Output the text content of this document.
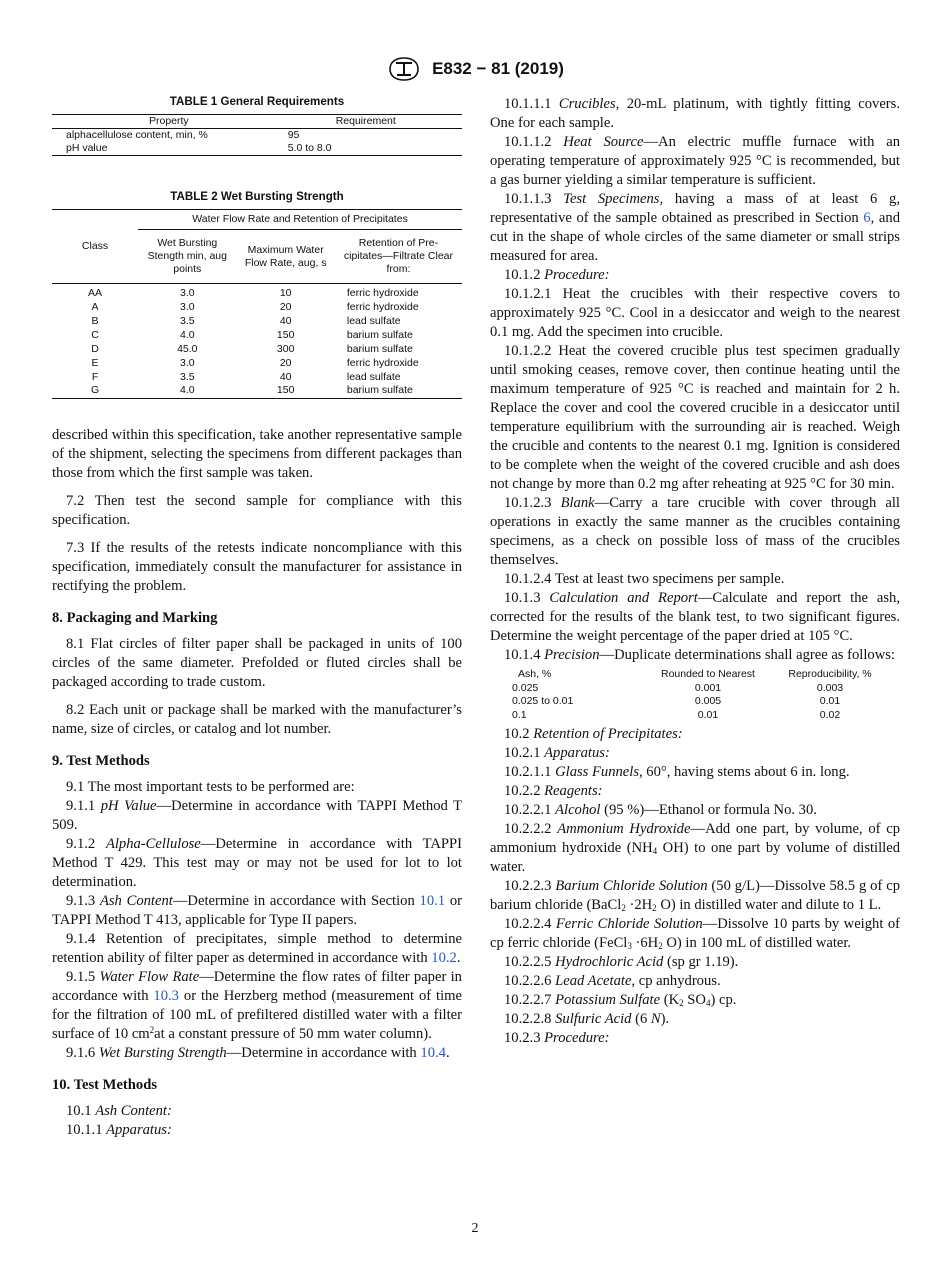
E832 − 81 (2019)
TABLE 1 General Requirements
Property	Requirement
alphacellulose content, min, %	95
pH value	5.0 to 8.0
TABLE 2 Wet Bursting Strength
Class	Water Flow Rate and Retention of Precipitates		
	Wet Bursting Stength min, aug points	Maximum Water Flow Rate, aug, s	Retention of Pre-cipitates—Filtrate Clear from:
AA	3.0	10	ferric hydroxide
A	3.0	20	ferric hydroxide
B	3.5	40	lead sulfate
C	4.0	150	barium sulfate
D	45.0	300	barium sulfate
E	3.0	20	ferric hydroxide
F	3.5	40	lead sulfate
G	4.0	150	barium sulfate

described within this specification, take another representative sample of the shipment, selecting the specimens from different packages than those from which the first sample was taken.

7.2 Then test the second sample for compliance with this specification.

7.3 If the results of the retests indicate noncompliance with this specification, immediately consult the manufacturer for assistance in rectifying the problem.

8. Packaging and Marking

8.1 Flat circles of filter paper shall be packaged in units of 100 circles of the same diameter. Prefolded or fluted circles shall be packaged according to trade custom.

8.2 Each unit or package shall be marked with the manufacturer’s name, size of circles, or catalog and lot number.

9. Test Methods

9.1 The most important tests to be performed are:

9.1.1 pH Value—Determine in accordance with TAPPI Method T 509.

9.1.2 Alpha-Cellulose—Determine in accordance with TAPPI Method T 429. This test may or may not be used for lot to lot determination.

9.1.3 Ash Content—Determine in accordance with Section 10.1 or TAPPI Method T 413, applicable for Type II papers.

9.1.4 Retention of precipitates, simple method to determine retention ability of filter paper as determined in accordance with 10.2.

9.1.5 Water Flow Rate—Determine the flow rates of filter paper in accordance with 10.3 or the Herzberg method (measurement of time for the filtration of 100 mL of prefiltered distilled water with a filter surface of 10 $cm^2at$ a constant pressure of 50 mm water column).

9.1.6 Wet Bursting Strength—Determine in accordance with 10.4.

10. Test Methods

10.1 Ash Content:

10.1.1 Apparatus:

10.1.1.1 Crucibles, 20-mL platinum, with tightly fitting covers. One for each sample.

10.1.1.2 Heat Source—An electric muffle furnace with an operating temperature of approximately 925 °C is recommended, but a gas burner yielding a similar temperature is sufficient.

10.1.1.3 Test Specimens, having a mass of at least 6 g, representative of the sample obtained as prescribed in Section 6, and cut in the shape of whole circles of the same diameter or small strips measured for area.

10.1.2 Procedure:

10.1.2.1 Heat the crucibles with their respective covers to approximately 925 °C. Cool in a desiccator and weigh to the nearest 0.1 mg. Add the specimen into crucible.

10.1.2.2 Heat the covered crucible plus test specimen gradually until smoking ceases, remove cover, then continue heating until the maximum temperature of 925 °C is reached and maintain for 2 h. Replace the cover and cool the covered crucible in a desiccator until temperature equilibrium with the surrounding air is reached. Weigh the crucible and contents to the nearest 0.1 mg. Ignition is considered to be complete when the weight of the covered crucible and ash does not change by more than 0.2 mg after reheating at 925 °C for 30 min.

10.1.2.3 Blank—Carry a tare crucible with cover through all operations in exactly the same manner as the crucibles containing specimens, as a check on possible loss of mass of the crucibles themselves.

10.1.2.4 Test at least two specimens per sample.

10.1.3 Calculation and Report—Calculate and report the ash, corrected for the results of the blank test, to two significant figures. Determine the weight percentage of the paper dried at 105 °C.

10.1.4 Precision—Duplicate determinations shall agree as follows:

Ash, %	Rounded to Nearest	Reproducibility, %
0.025	0.001	0.003
0.025 to 0.01	0.005	0.01
0.1	0.01	0.02

10.2 Retention of Precipitates:

10.2.1 Apparatus:

10.2.1.1 Glass Funnels, 60°, having stems about 6 in. long.

10.2.2 Reagents:

10.2.2.1 Alcohol (95 %)—Ethanol or formula No. 30.

10.2.2.2 Ammonium Hydroxide—Add one part, by volume, of cp ammonium hydroxide ($NH_4$ OH) to one part by volume of distilled water.

10.2.2.3 Barium Chloride Solution (50 g/L)—Dissolve 58.5 g of cp barium chloride (BaCl$_2$ $\cdot 2H_2$ O) in distilled water and dilute to 1 L.

10.2.2.4 Ferric Chloride Solution—Dissolve 10 parts by weight of cp ferric chloride (FeCl$_3$ $\cdot 6H_2$ O) in 100 mL of distilled water.

10.2.2.5 Hydrochloric Acid (sp gr 1.19).

10.2.2.6 Lead Acetate, cp anhydrous.

10.2.2.7 Potassium Sulfate ($K_2$ $SO_4$) cp.

10.2.2.8 Sulfuric Acid (6 N).

10.2.3 Procedure:

2
